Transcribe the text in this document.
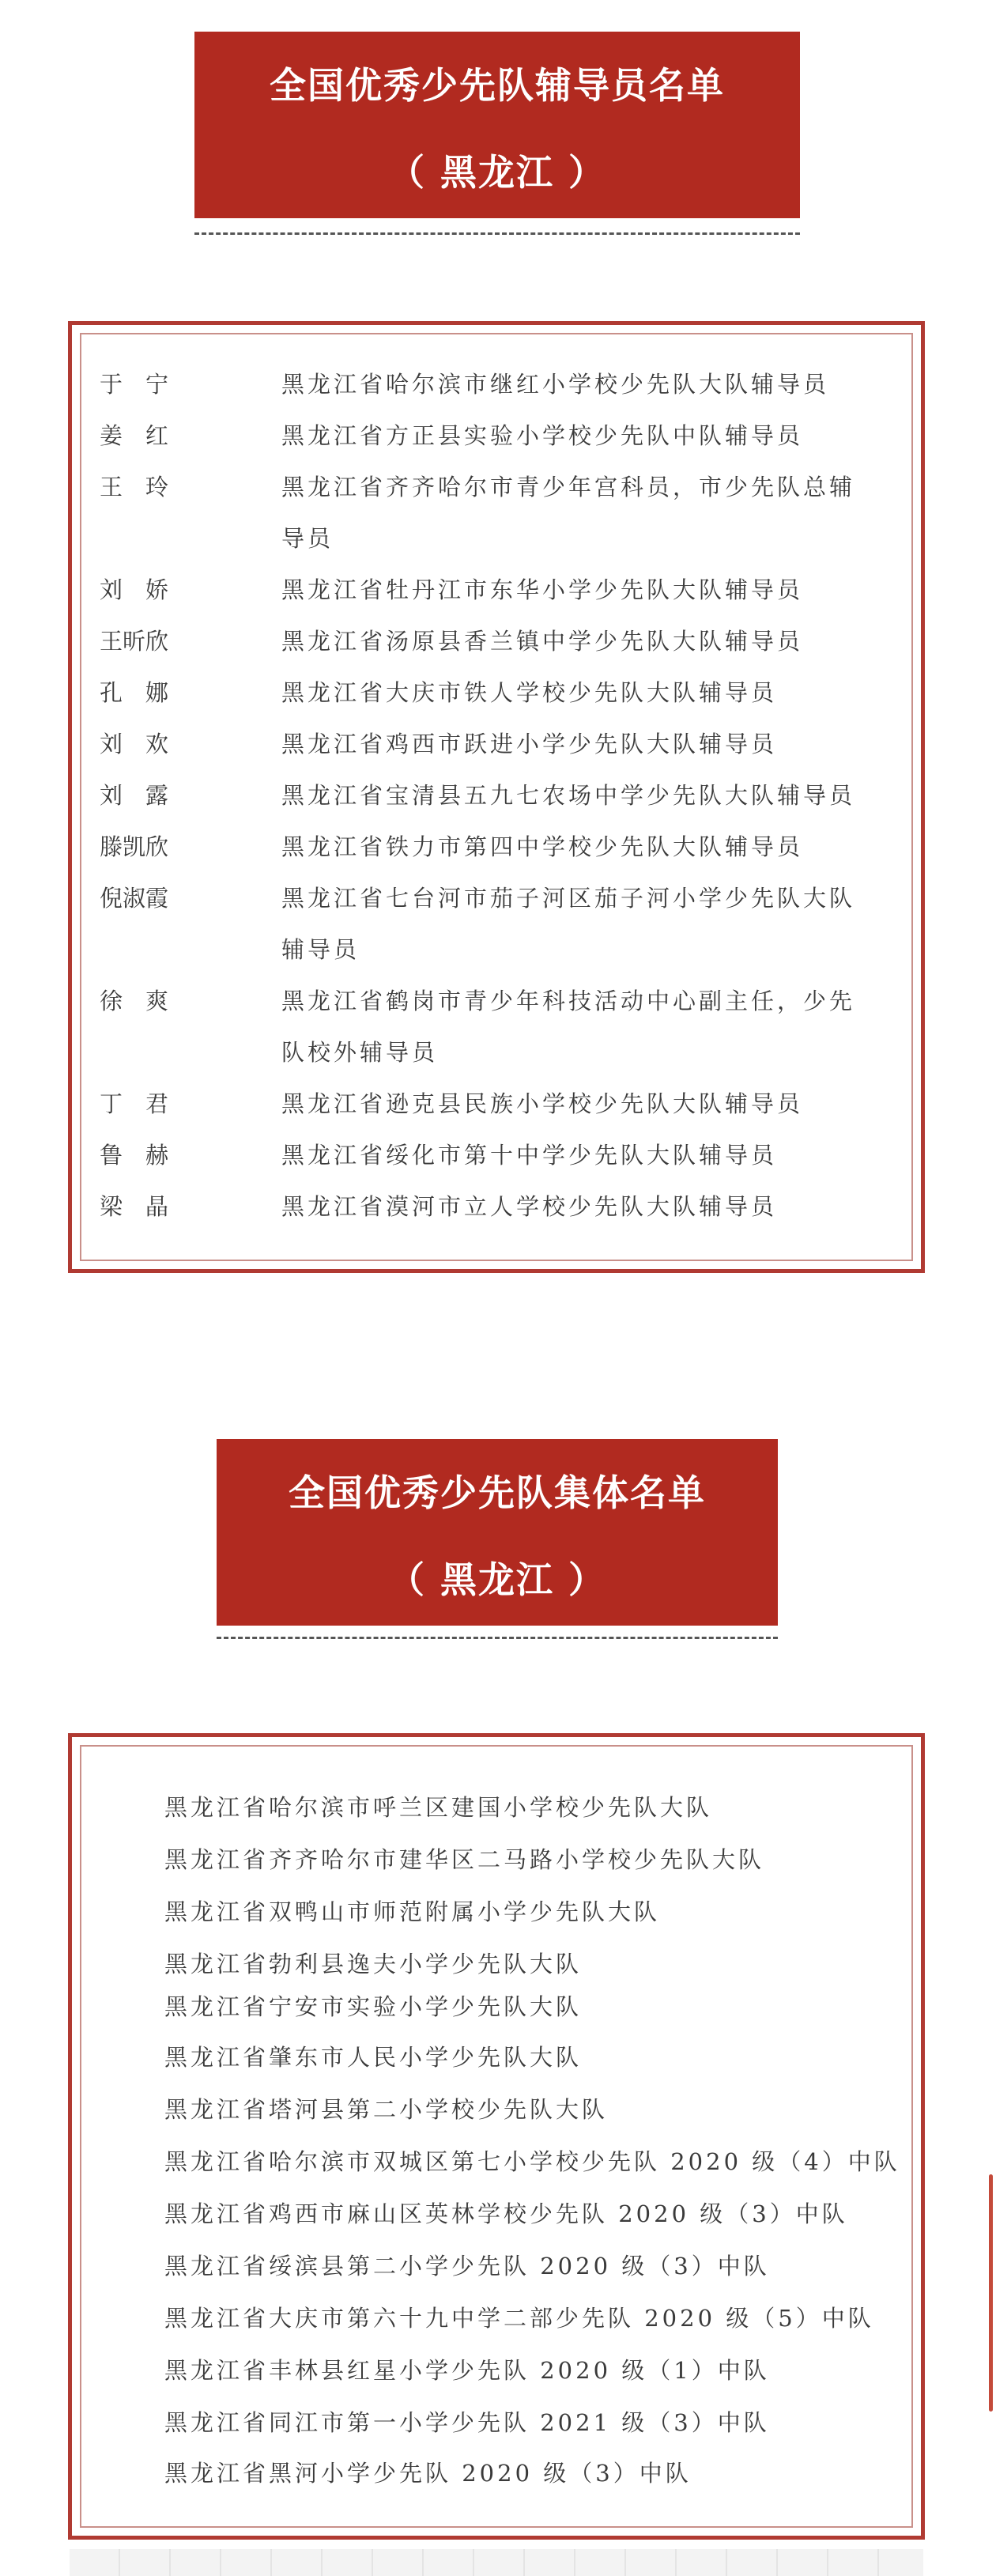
全国优秀少先队辅导员名单
（ 黑龙江 ）
于　宁	黑龙江省哈尔滨市继红小学校少先队大队辅导员
姜　红	黑龙江省方正县实验小学校少先队中队辅导员
王　玲	黑龙江省齐齐哈尔市青少年宫科员，市少先队总辅
导员
刘　娇	黑龙江省牡丹江市东华小学少先队大队辅导员
王昕欣	黑龙江省汤原县香兰镇中学少先队大队辅导员
孔　娜	黑龙江省大庆市铁人学校少先队大队辅导员
刘　欢	黑龙江省鸡西市跃进小学少先队大队辅导员
刘　露	黑龙江省宝清县五九七农场中学少先队大队辅导员
滕凯欣	黑龙江省铁力市第四中学校少先队大队辅导员
倪淑霞	黑龙江省七台河市茄子河区茄子河小学少先队大队
辅导员
徐　爽	黑龙江省鹤岗市青少年科技活动中心副主任，少先
队校外辅导员
丁　君	黑龙江省逊克县民族小学校少先队大队辅导员
鲁　赫	黑龙江省绥化市第十中学少先队大队辅导员
梁　晶	黑龙江省漠河市立人学校少先队大队辅导员
全国优秀少先队集体名单
（ 黑龙江 ）
黑龙江省哈尔滨市呼兰区建国小学校少先队大队
黑龙江省齐齐哈尔市建华区二马路小学校少先队大队
黑龙江省双鸭山市师范附属小学少先队大队
黑龙江省勃利县逸夫小学少先队大队
黑龙江省宁安市实验小学少先队大队
黑龙江省肇东市人民小学少先队大队
黑龙江省塔河县第二小学校少先队大队
黑龙江省哈尔滨市双城区第七小学校少先队 2020 级（4）中队
黑龙江省鸡西市麻山区英林学校少先队 2020 级（3）中队
黑龙江省绥滨县第二小学少先队 2020 级（3）中队
黑龙江省大庆市第六十九中学二部少先队 2020 级（5）中队
黑龙江省丰林县红星小学少先队 2020 级（1）中队
黑龙江省同江市第一小学少先队 2021 级（3）中队
黑龙江省黑河小学少先队 2020 级（3）中队
